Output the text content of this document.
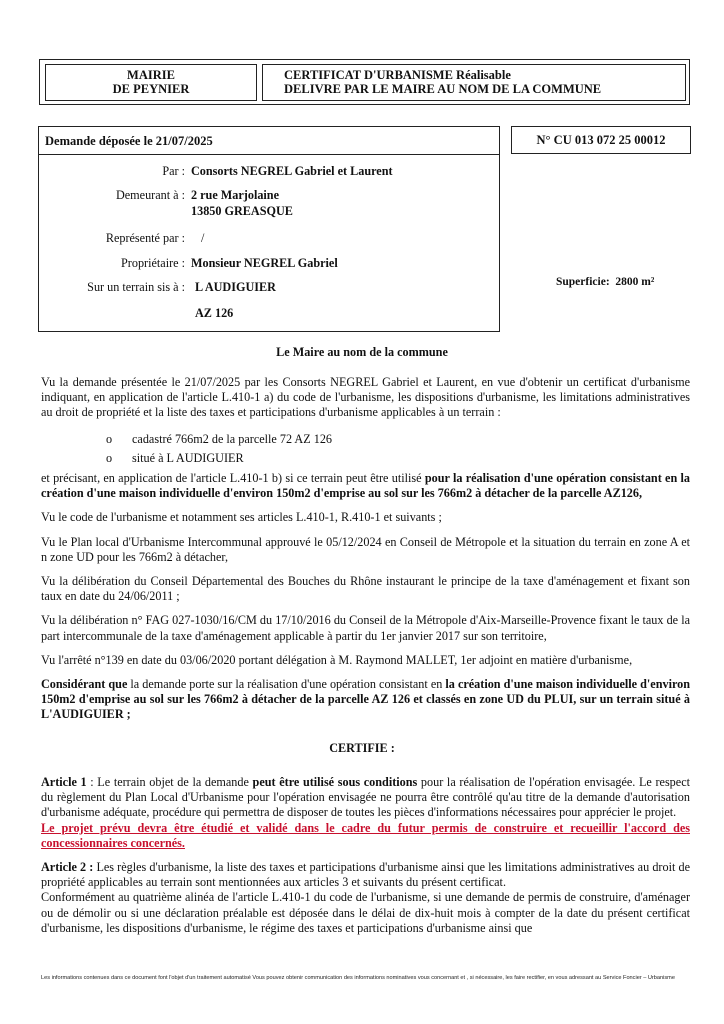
MAIRIE
DE PEYNIER
CERTIFICAT D'URBANISME Réalisable
DELIVRE PAR LE MAIRE AU NOM DE LA COMMUNE
Demande déposée le 21/07/2025
Par :
Demeurant à :
Représenté par :
Propriétaire :
Sur un terrain sis à :
Consorts NEGREL Gabriel et Laurent
2 rue Marjolaine
13850 GREASQUE
/
Monsieur NEGREL Gabriel
L AUDIGUIER
AZ 126
N° CU 013 072 25 00012
Superficie: 2800 m²
Le Maire au nom de la commune

Vu la demande présentée le 21/07/2025 par les Consorts NEGREL Gabriel et Laurent, en vue d'obtenir un certificat d'urbanisme indiquant, en application de l'article L.410-1 a) du code de l'urbanisme, les dispositions d'urbanisme, les limitations administratives au droit de propriété et la liste des taxes et participations d'urbanisme applicables à un terrain :

o cadastré 766m2 de la parcelle 72 AZ 126
o situé à L AUDIGUIER

et précisant, en application de l'article L.410-1 b) si ce terrain peut être utilisé pour la réalisation d'une opération consistant en la création d'une maison individuelle d'environ 150m2 d'emprise au sol sur les 766m2 à détacher de la parcelle AZ126,

Vu le code de l'urbanisme et notamment ses articles L.410-1, R.410-1 et suivants ;

Vu le Plan local d'Urbanisme Intercommunal approuvé le 05/12/2024 en Conseil de Métropole et la situation du terrain en zone A et n zone UD pour les 766m2 à détacher,

Vu la délibération du Conseil Départemental des Bouches du Rhône instaurant le principe de la taxe d'aménagement et fixant son taux en date du 24/06/2011 ;

Vu la délibération n° FAG 027-1030/16/CM du 17/10/2016 du Conseil de la Métropole d'Aix-Marseille-Provence fixant le taux de la part intercommunale de la taxe d'aménagement applicable à partir du 1er janvier 2017 sur son territoire,

Vu l'arrêté n°139 en date du 03/06/2020 portant délégation à M. Raymond MALLET, 1er adjoint en matière d'urbanisme,

Considérant que la demande porte sur la réalisation d'une opération consistant en la création d'une maison individuelle d'environ 150m2 d'emprise au sol sur les 766m2 à détacher de la parcelle AZ 126 et classés en zone UD du PLUI, sur un terrain situé à L'AUDIGUIER ;

CERTIFIE :

Article 1 : Le terrain objet de la demande peut être utilisé sous conditions pour la réalisation de l'opération envisagée. Le respect du règlement du Plan Local d'Urbanisme pour l'opération envisagée ne pourra être contrôlé qu'au titre de la demande d'autorisation d'urbanisme adéquate, procédure qui permettra de disposer de toutes les pièces d'informations nécessaires pour apprécier le projet.

Le projet prévu devra être étudié et validé dans le cadre du futur permis de construire et recueillir l'accord des concessionnaires concernés.

Article 2 : Les règles d'urbanisme, la liste des taxes et participations d'urbanisme ainsi que les limitations administratives au droit de propriété applicables au terrain sont mentionnées aux articles 3 et suivants du présent certificat.

Conformément au quatrième alinéa de l'article L.410-1 du code de l'urbanisme, si une demande de permis de construire, d'aménager ou de démolir ou si une déclaration préalable est déposée dans le délai de dix-huit mois à compter de la date du présent certificat d'urbanisme, les dispositions d'urbanisme, le régime des taxes et participations d'urbanisme ainsi que

Les informations contenues dans ce document font l'objet d'un traitement automatisé Vous pouvez obtenir communication des informations nominatives vous concernant et , si nécessaire, les faire rectifier, en vous adressant au Service Foncier – Urbanisme
